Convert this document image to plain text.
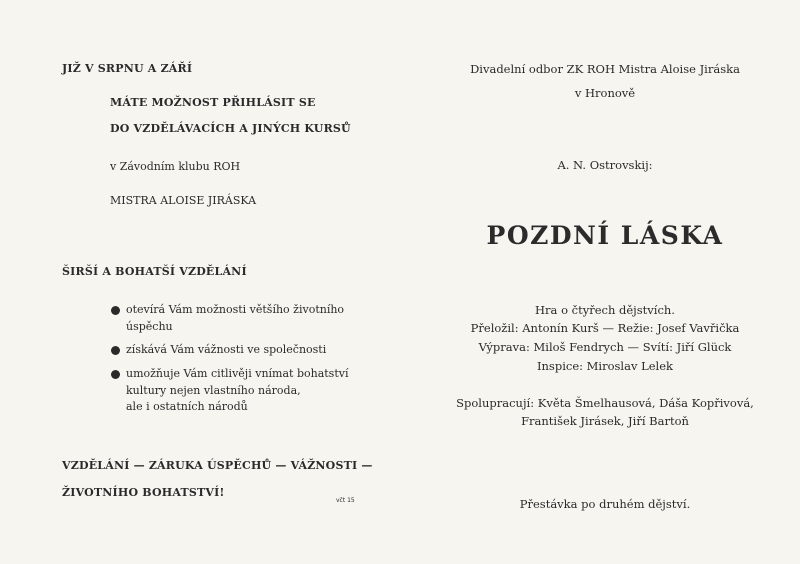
JIŽ V SRPNU A ZÁŘÍ
MÁTE MOŽNOST PŘIHLÁSIT SE
DO VZDĚLÁVACÍCH A JINÝCH KURSŮ
v Závodním klubu ROH
MISTRA ALOISE JIRÁSKA
ŠIRŠÍ A BOHATŠÍ VZDĚLÁNÍ
otevírá Vám možnosti většího životního
úspěchu
získává Vám vážnosti ve společnosti
umožňuje Vám citlivěji vnímat bohatství
kultury nejen vlastního národa,
ale i ostatních národů
VZDĚLÁNÍ — ZÁRUKA ÚSPĚCHŮ — VÁŽNOSTI —
ŽIVOTNÍHO BOHATSTVÍ!
včt 15
Divadelní odbor ZK ROH Mistra Aloise Jiráska
v Hronově
A. N. Ostrovskij:
POZDNÍ LÁSKA
Hra o čtyřech dějstvích.
Přeložil: Antonín Kurš — Režie: Josef Vavřička
Výprava: Miloš Fendrych — Svítí: Jiří Glück
Inspice: Miroslav Lelek
Spolupracují: Květa Šmelhausová, Dáša Kopřivová,
František Jirásek, Jiří Bartoň
Přestávka po druhém dějství.
